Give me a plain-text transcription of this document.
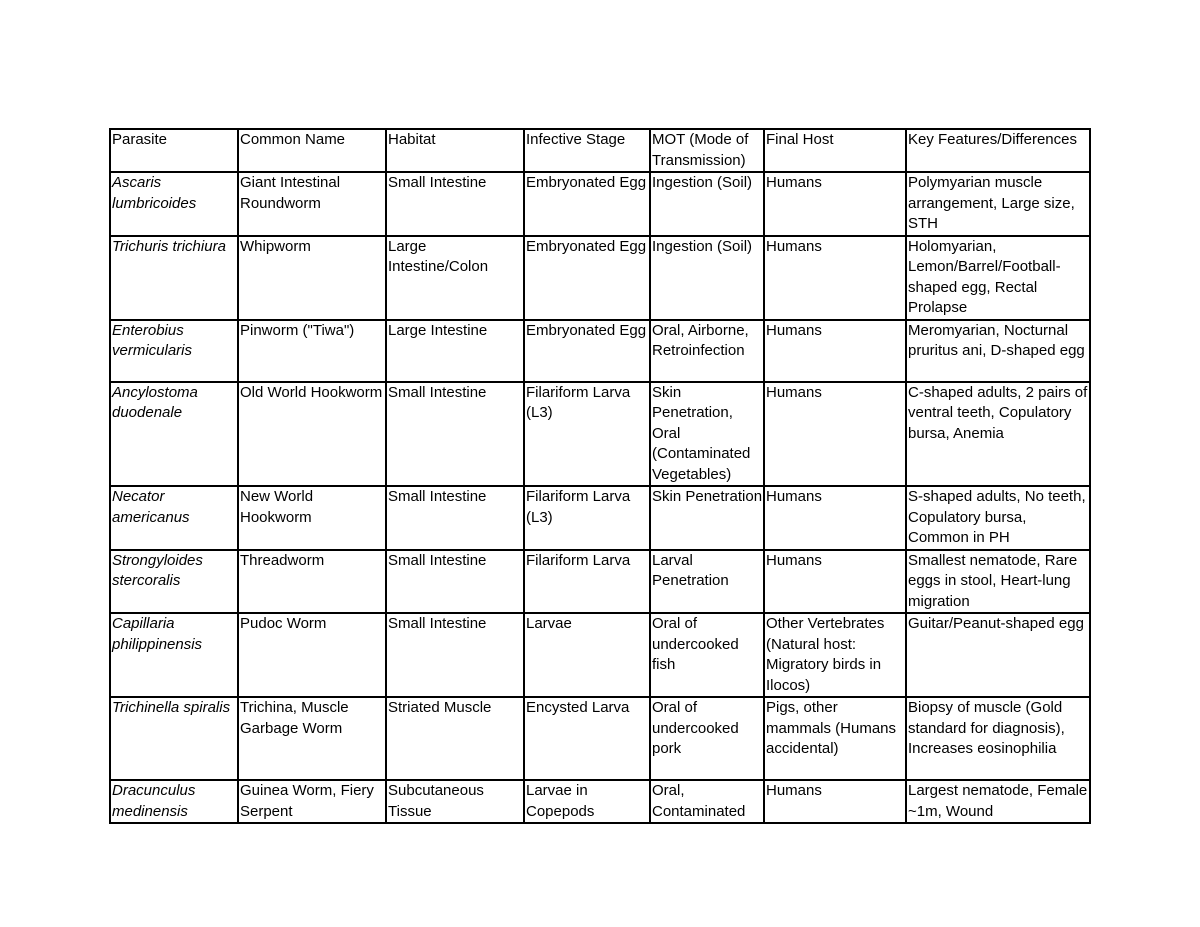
Parasite	Common Name	Habitat	Infective Stage	MOT (Mode of Transmission)	Final Host	Key Features/Differences
Ascaris lumbricoides	Giant Intestinal Roundworm	Small Intestine	Embryonated Egg	Ingestion (Soil)	Humans	Polymyarian muscle arrangement, Large size, STH
Trichuris trichiura	Whipworm	Large Intestine/Colon	Embryonated Egg	Ingestion (Soil)	Humans	Holomyarian, Lemon/Barrel/Football-shaped egg, Rectal Prolapse
Enterobius vermicularis	Pinworm ("Tiwa")	Large Intestine	Embryonated Egg	Oral, Airborne, Retroinfection	Humans	Meromyarian, Nocturnal pruritus ani, D-shaped egg
Ancylostoma duodenale	Old World Hookworm	Small Intestine	Filariform Larva (L3)	Skin Penetration, Oral (Contaminated Vegetables)	Humans	C-shaped adults, 2 pairs of ventral teeth, Copulatory bursa, Anemia
Necator americanus	New World Hookworm	Small Intestine	Filariform Larva (L3)	Skin Penetration	Humans	S-shaped adults, No teeth, Copulatory bursa, Common in PH
Strongyloides stercoralis	Threadworm	Small Intestine	Filariform Larva	Larval Penetration	Humans	Smallest nematode, Rare eggs in stool, Heart-lung migration
Capillaria philippinensis	Pudoc Worm	Small Intestine	Larvae	Oral of undercooked fish	Other Vertebrates (Natural host: Migratory birds in Ilocos)	Guitar/Peanut-shaped egg
Trichinella spiralis	Trichina, Muscle Garbage Worm	Striated Muscle	Encysted Larva	Oral of undercooked pork	Pigs, other mammals (Humans accidental)	Biopsy of muscle (Gold standard for diagnosis), Increases eosinophilia
Dracunculus medinensis	Guinea Worm, Fiery Serpent	Subcutaneous Tissue	Larvae in Copepods	Oral, Contaminated	Humans	Largest nematode, Female ~1m, Wound
